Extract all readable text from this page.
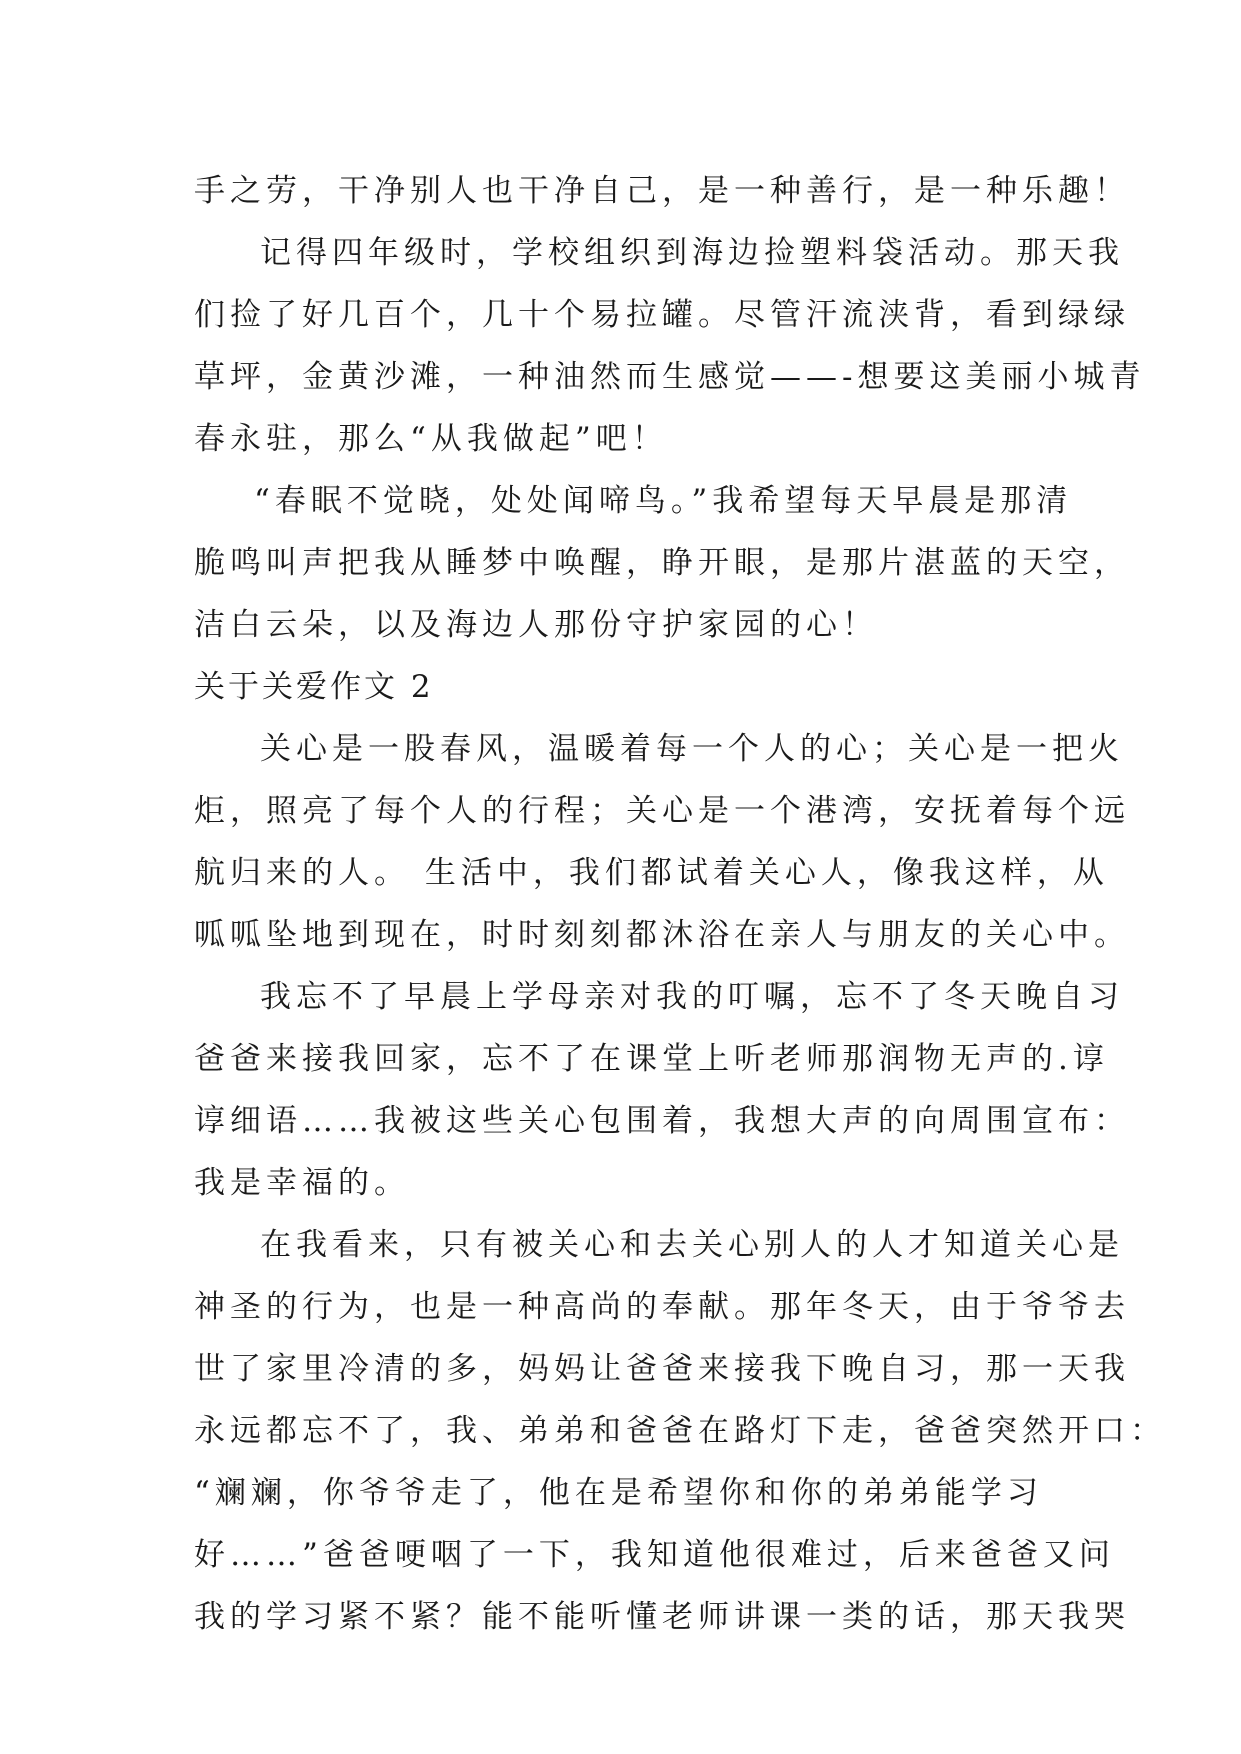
手之劳，干净别人也干净自己，是一种善行，是一种乐趣！
记得四年级时，学校组织到海边捡塑料袋活动。那天我
们捡了好几百个，几十个易拉罐。尽管汗流浃背，看到绿绿
草坪，金黄沙滩，一种油然而生感觉——-想要这美丽小城青
春永驻，那么“从我做起”吧！
“春眠不觉晓，处处闻啼鸟。”我希望每天早晨是那清
脆鸣叫声把我从睡梦中唤醒，睁开眼，是那片湛蓝的天空，
洁白云朵，以及海边人那份守护家园的心！
关于关爱作文 2
关心是一股春风，温暖着每一个人的心；关心是一把火
炬，照亮了每个人的行程；关心是一个港湾，安抚着每个远
航归来的人。 生活中，我们都试着关心人，像我这样，从
呱呱坠地到现在，时时刻刻都沐浴在亲人与朋友的关心中。
我忘不了早晨上学母亲对我的叮嘱，忘不了冬天晚自习
爸爸来接我回家，忘不了在课堂上听老师那润物无声的.谆
谆细语……我被这些关心包围着，我想大声的向周围宣布：
我是幸福的。
在我看来，只有被关心和去关心别人的人才知道关心是
神圣的行为，也是一种高尚的奉献。那年冬天，由于爷爷去
世了家里冷清的多，妈妈让爸爸来接我下晚自习，那一天我
永远都忘不了，我、弟弟和爸爸在路灯下走，爸爸突然开口：
“斓斓，你爷爷走了，他在是希望你和你的弟弟能学习
好……”爸爸哽咽了一下，我知道他很难过，后来爸爸又问
我的学习紧不紧？能不能听懂老师讲课一类的话，那天我哭
